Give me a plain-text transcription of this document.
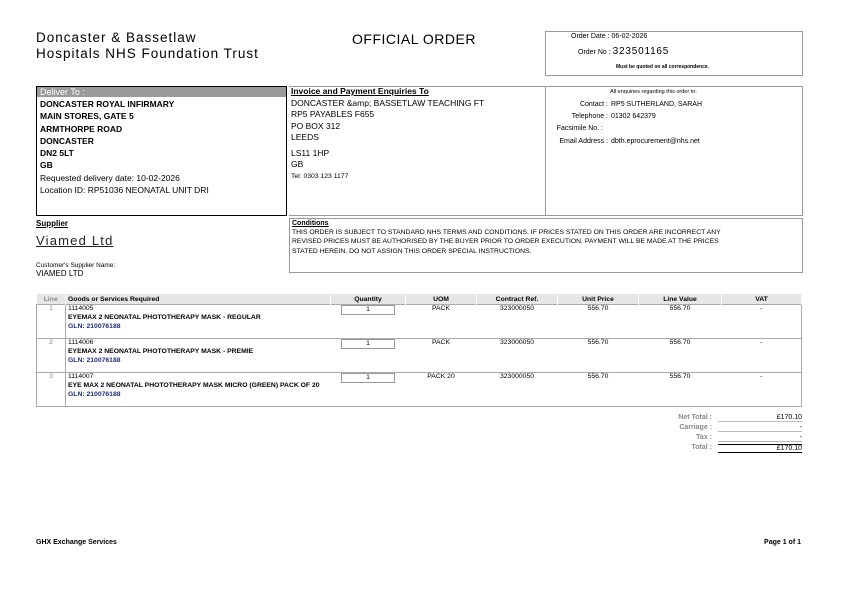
Doncaster & Bassetlaw
Hospitals NHS Foundation Trust
OFFICIAL ORDER	Order Date : 06-02-2026
Order No : 323501165
Must be quoted on all correspondence.
Deliver To :
DONCASTER ROYAL INFIRMARY
MAIN STORES, GATE 5
ARMTHORPE ROAD
DONCASTER
DN2 5LT
GB
Requested delivery date: 10-02-2026
Location ID: RP51036 NEONATAL UNIT DRI
Invoice and Payment Enquiries To
DONCASTER &amp; BASSETLAW TEACHING FT
RP5 PAYABLES F655
PO BOX 312
LEEDS
LS11 1HP
GB
Tel: 0303 123 1177
All enquiries regarding this order to:
Contact : RP5 SUTHERLAND, SARAH
Telephone : 01302 642379
Facsimile No. :
Email Address : dbth.eprocurement@nhs.net
Supplier
Viamed Ltd
Customer's Supplier Name:
VIAMED LTD
Conditions
THIS ORDER IS SUBJECT TO STANDARD NHS TERMS AND CONDITIONS. IF PRICES STATED ON THIS ORDER ARE INCORRECT ANY
REVISED PRICES MUST BE AUTHORISED BY THE BUYER PRIOR TO ORDER EXECUTION. PAYMENT WILL BE MADE AT THE PRICES
STATED HEREIN. DO NOT ASSIGN THIS ORDER SPECIAL INSTRUCTIONS.
Line	Goods or Services Required	Quantity	UOM	Contract Ref.	Unit Price	Line Value	VAT
1	1114005
EYEMAX 2 NEONATAL PHOTOTHERAPY MASK - REGULAR
GLN: 210076188	1	PACK	323000050	556.70	556.70	-
2	1114006
EYEMAX 2 NEONATAL PHOTOTHERAPY MASK - PREMIE
GLN: 210076188	1	PACK	323000050	556.70	556.70	-
3	1114007
EYE MAX 2 NEONATAL PHOTOTHERAPY MASK MICRO (GREEN) PACK OF 20
GLN: 210076188	1	PACK 20	323000050	556.70	556.70	-
Net Total :	£170.10
Carriage :	-
Tax :	-
Total :	£170.10
GHX Exchange Services	Page 1 of 1
